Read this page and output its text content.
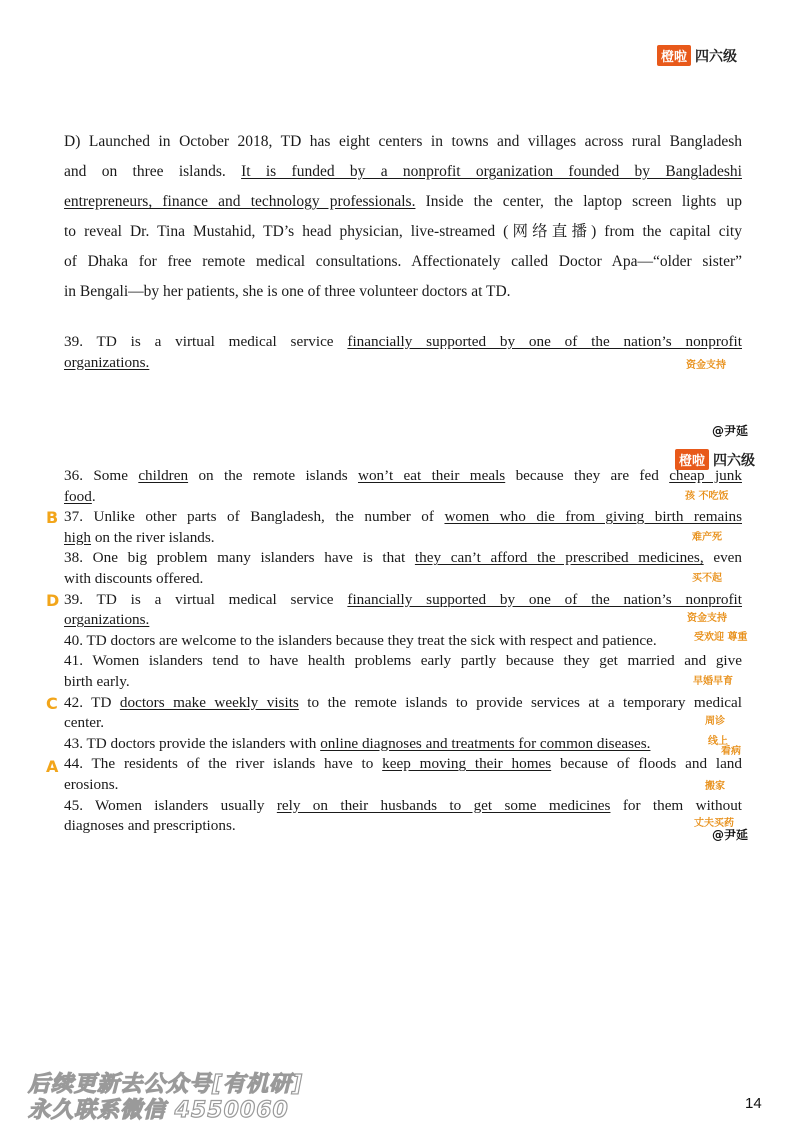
橙啦 四六级
D) Launched in October 2018, TD has eight centers in towns and villages across rural Bangladesh
and on three islands. It is funded by a nonprofit organization founded by Bangladeshi
entrepreneurs, finance and technology professionals. Inside the center, the laptop screen lights up
to reveal Dr. Tina Mustahid, TD’s head physician, live-streamed (网络直播) from the capital city
of Dhaka for free remote medical consultations. Affectionately called Doctor Apa—“older sister”
in Bengali—by her patients, she is one of three volunteer doctors at TD.
39. TD is a virtual medical service financially supported by one of the nation’s nonprofit
organizations.	资金支持
@尹延
橙啦 四六级
36. Some children on the remote islands won’t eat their meals because they are fed cheap junk
food.
37. Unlike other parts of Bangladesh, the number of women who die from giving birth remains
high on the river islands.
38. One big problem many islanders have is that they can’t afford the prescribed medicines, even
with discounts offered.
39. TD is a virtual medical service financially supported by one of the nation’s nonprofit
organizations.
40. TD doctors are welcome to the islanders because they treat the sick with respect and patience.
41. Women islanders tend to have health problems early partly because they get married and give
birth early.
42. TD doctors make weekly visits to the remote islands to provide services at a temporary medical
center.
43. TD doctors provide the islanders with online diagnoses and treatments for common diseases.
44. The residents of the river islands have to keep moving their homes because of floods and land
erosions.
45. Women islanders usually rely on their husbands to get some medicines for them without
diagnoses and prescriptions.
B
D
C
A
孩 不吃饭
难产死
买不起
资金支持
受欢迎 尊重
早婚早育
周诊
线上
看病
搬家
丈夫买药
@尹延
后续更新去公众号[有机研]
永久联系微信 4550060	14
